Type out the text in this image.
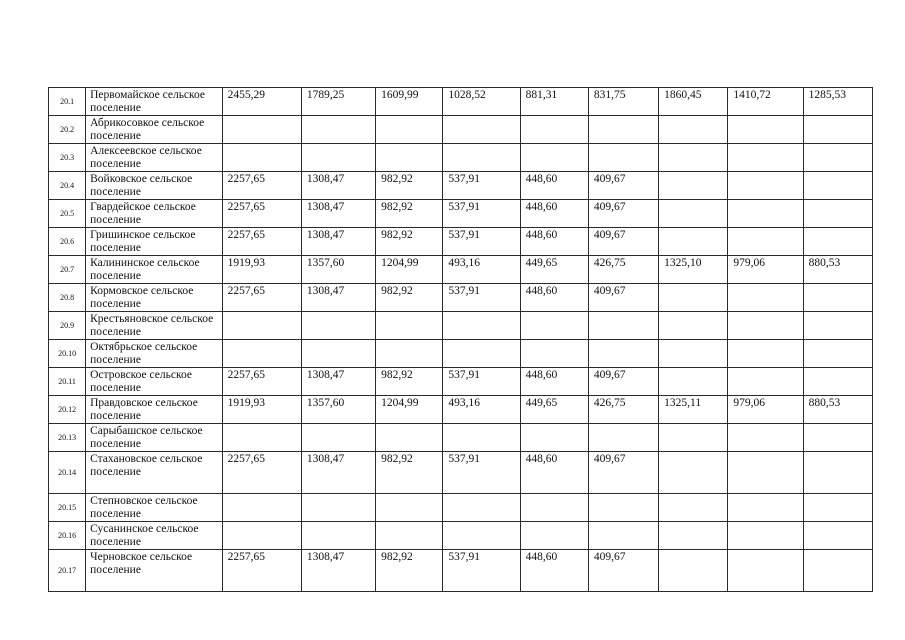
20.1	Первомайское сельское поселение	2455,29	1789,25	1609,99	1028,52	881,31	831,75	1860,45	1410,72	1285,53
20.2	Абрикосовкое сельское поселение									
20.3	Алексеевское сельское поселение									
20.4	Войковское сельское поселение	2257,65	1308,47	982,92	537,91	448,60	409,67			
20.5	Гвардейское сельское поселение	2257,65	1308,47	982,92	537,91	448,60	409,67			
20.6	Гришинское сельское поселение	2257,65	1308,47	982,92	537,91	448,60	409,67			
20.7	Калининское сельское поселение	1919,93	1357,60	1204,99	493,16	449,65	426,75	1325,10	979,06	880,53
20.8	Кормовское сельское поселение	2257,65	1308,47	982,92	537,91	448,60	409,67			
20.9	Крестьяновское сельское поселение									
20.10	Октябрьское сельское поселение									
20.11	Островское сельское поселение	2257,65	1308,47	982,92	537,91	448,60	409,67			
20.12	Правдовское сельское поселение	1919,93	1357,60	1204,99	493,16	449,65	426,75	1325,11	979,06	880,53
20.13	Сарыбашское сельское поселение									
20.14	Стахановское сельское поселение	2257,65	1308,47	982,92	537,91	448,60	409,67			
20.15	Степновское сельское поселение									
20.16	Сусанинское сельское поселение									
20.17	Черновское сельское поселение	2257,65	1308,47	982,92	537,91	448,60	409,67			
